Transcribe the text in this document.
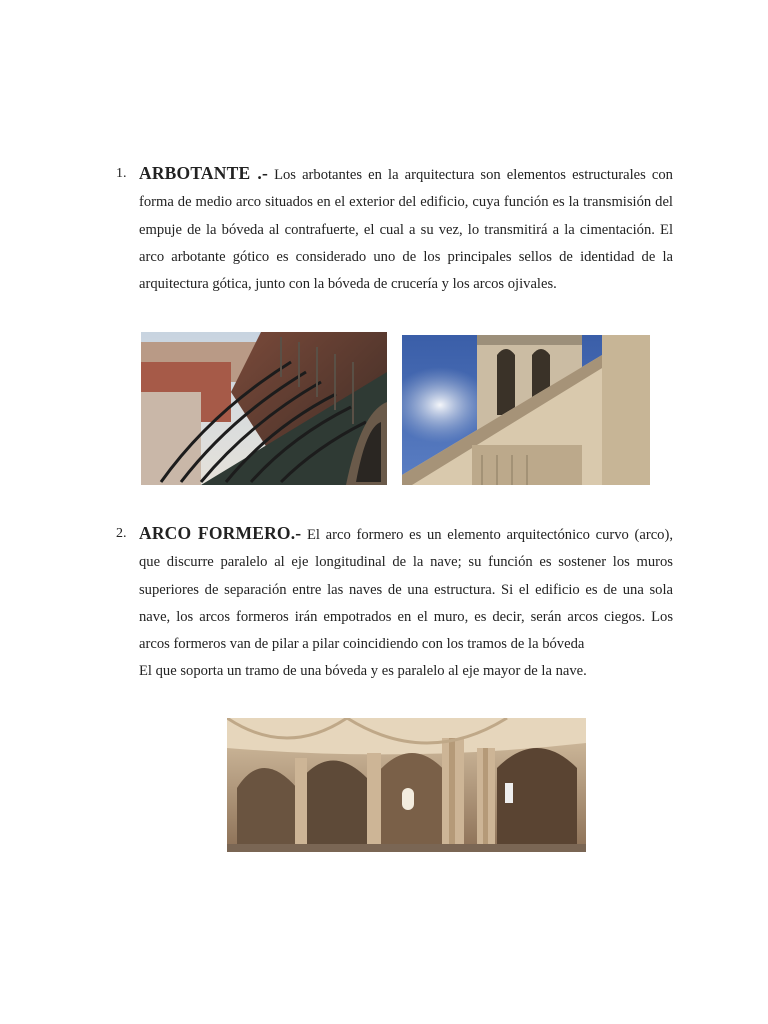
1. ARBOTANTE .- Los arbotantes en la arquitectura son elementos estructurales con forma de medio arco situados en el exterior del edificio, cuya función es la transmisión del empuje de la bóveda al contrafuerte, el cual a su vez, lo transmitirá a la cimentación. El arco arbotante gótico es considerado uno de los principales sellos de identidad de la arquitectura gótica, junto con la bóveda de crucería y los arcos ojivales.

2. ARCO FORMERO.- El arco formero es un elemento arquitectónico curvo (arco), que discurre paralelo al eje longitudinal de la nave; su función es sostener los muros superiores de separación entre las naves de una estructura. Si el edificio es de una sola nave, los arcos formeros irán empotrados en el muro, es decir, serán arcos ciegos. Los arcos formeros van de pilar a pilar coincidiendo con los tramos de la bóveda

El que soporta un tramo de una bóveda y es paralelo al eje mayor de la nave.
